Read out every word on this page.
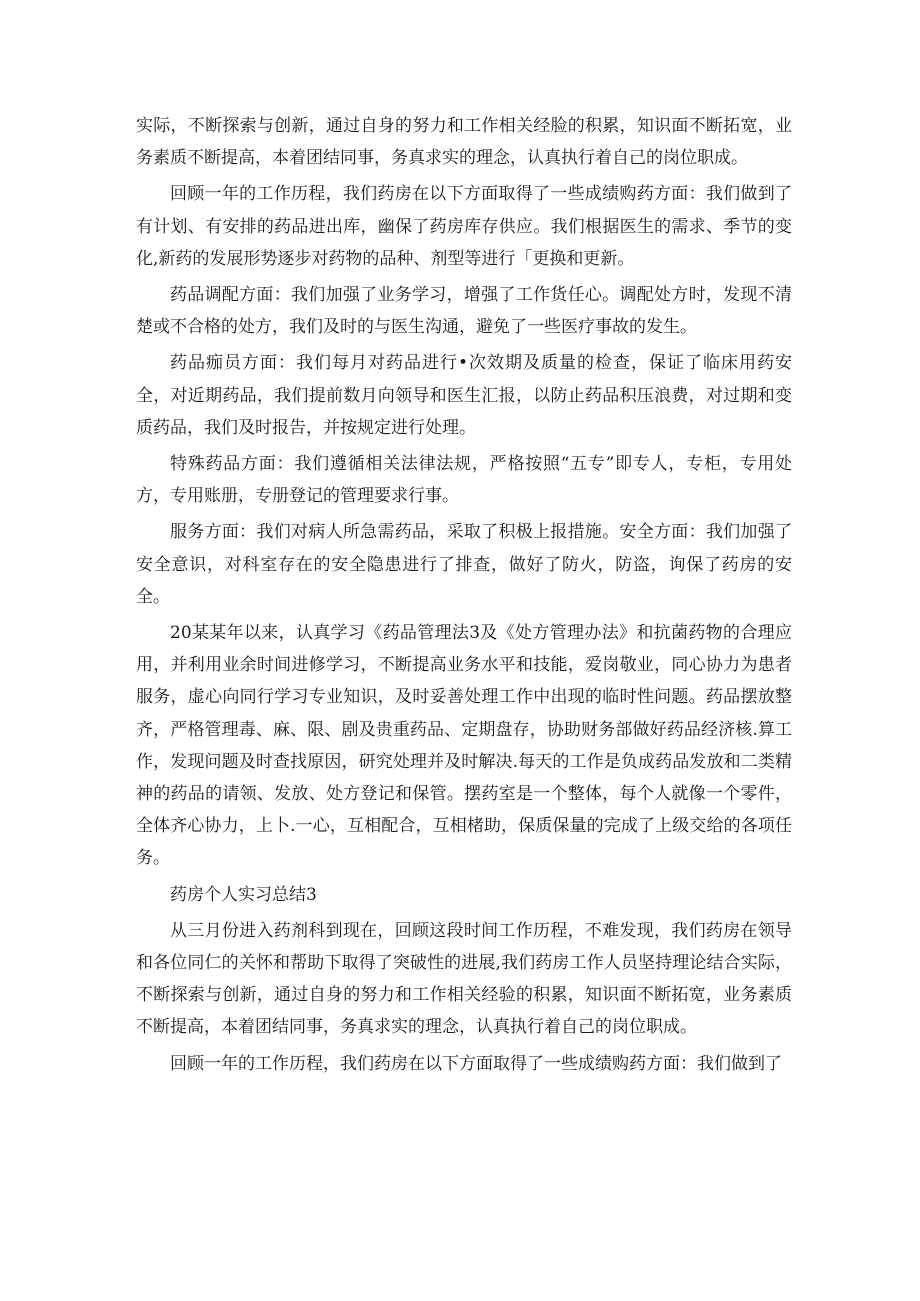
实际，不断探索与创新，通过自身的努力和工作相关经脸的积累，知识面不断拓宽，业务素质不断提高，本着团结同事，务真求实的理念，认真执行着自己的岗位职成。

回顾一年的工作历程，我们药房在以下方面取得了一些成绩购药方面：我们做到了有计划、有安排的药品进出库，幽保了药房库存供应。我们根据医生的需求、季节的变化,新药的发展形势逐步对药物的品种、剂型等进行「更换和更新。

药品调配方面：我们加强了业务学习，增强了工作货任心。调配处方时，发现不清楚或不合格的处方，我们及时的与医生沟通，避免了一些医疗事故的发生。

药品痂员方面：我们每月对药品进行•次效期及质量的检查，保证了临床用药安全，对近期药品，我们提前数月向领导和医生汇报，以防止药品积压浪费，对过期和变质药品，我们及时报告，并按规定进行处理。

特殊药品方面：我们遵循相关法律法规，严格按照“五专”即专人，专柜，专用处方，专用账册，专册登记的管理要求行事。

服务方面：我们对病人所急需药品，采取了积极上报措施。安全方面：我们加强了安全意识，对科室存在的安全隐患进行了排查，做好了防火，防盗，询保了药房的安全。

20某某年以来，认真学习《药品管理法3及《处方管理办法》和抗菌药物的合理应用，并利用业余时间进修学习，不断提高业务水平和技能，爱岗敬业，同心协力为患者服务，虚心向同行学习专业知识，及时妥善处理工作中出现的临时性问题。药品摆放整齐，严格管理毒、麻、限、剧及贵重药品、定期盘存，协助财务部做好药品经济核.算工作，发现问题及时查找原因，研究处理并及时解决.每天的工作是负成药品发放和二类精神的药品的请领、发放、处方登记和保管。摆药室是一个整体，每个人就像一个零件，全体齐心协力，上卜.一心，互相配合，互相楮助，保质保量的完成了上级交给的各项任务。

药房个人实习总结3

从三月份进入药剂科到现在，回顾这段时间工作历程，不难发现，我们药房在领导和各位同仁的关怀和帮助下取得了突破性的进展,我们药房工作人员坚持理论结合实际，不断探索与创新，通过自身的努力和工作相关经验的积累，知识面不断拓宽，业务素质不断提高，本着团结同事，务真求实的理念，认真执行着自己的岗位职成。

回顾一年的工作历程，我们药房在以下方面取得了一些成绩购药方面：我们做到了
